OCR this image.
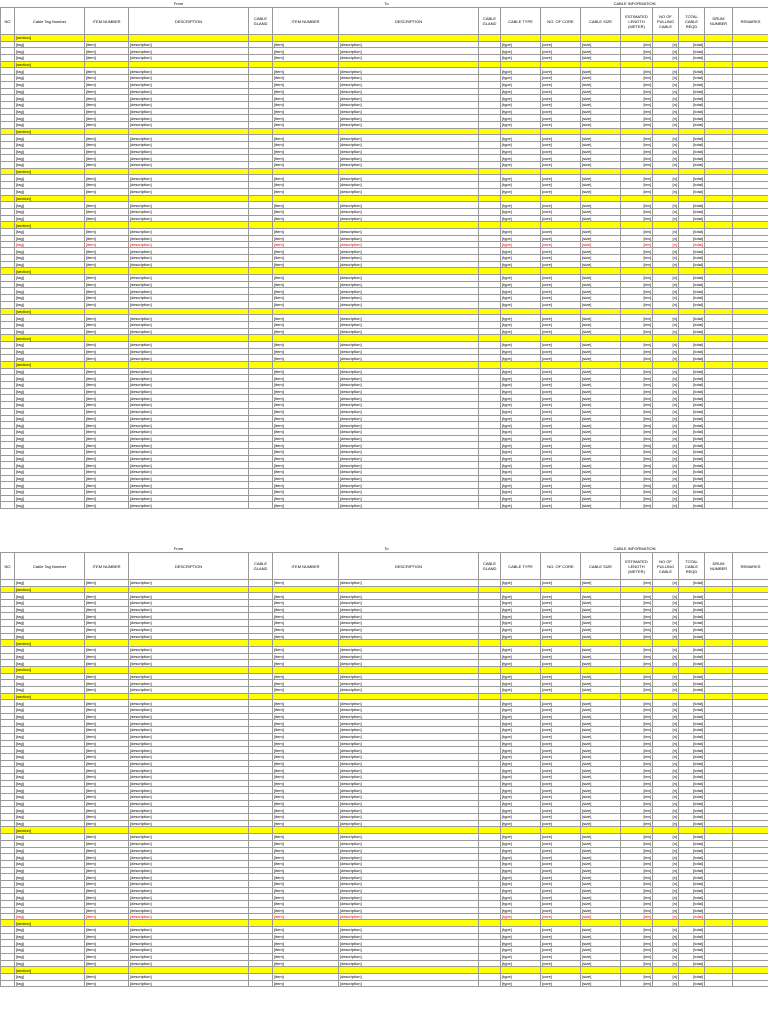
		From			To			CABLE INFORMATION							
NO	Cable Tag Number	ITEM NUMBER	DESCRIPTION	CABLE GLAND	ITEM NUMBER	DESCRIPTION	CABLE GLAND	CABLE TYPE	NO. OF CORE	CABLE SIZE	ESTIMATED LENGTH (METER)	NO OF PULLING CABLE	TOTAL CABLE REQD	DRUM NUMBER	REMARKS
	[section]														
	[tag]	[item]	[description]		[item]	[description]		[type]	[core]	[size]	[len]	[n]	[total]		
	[tag]	[item]	[description]		[item]	[description]		[type]	[core]	[size]	[len]	[n]	[total]		
	[tag]	[item]	[description]		[item]	[description]		[type]	[core]	[size]	[len]	[n]	[total]		
	[section]														
	[tag]	[item]	[description]		[item]	[description]		[type]	[core]	[size]	[len]	[n]	[total]		
	[tag]	[item]	[description]		[item]	[description]		[type]	[core]	[size]	[len]	[n]	[total]		
	[tag]	[item]	[description]		[item]	[description]		[type]	[core]	[size]	[len]	[n]	[total]		
	[tag]	[item]	[description]		[item]	[description]		[type]	[core]	[size]	[len]	[n]	[total]		
	[tag]	[item]	[description]		[item]	[description]		[type]	[core]	[size]	[len]	[n]	[total]		
	[tag]	[item]	[description]		[item]	[description]		[type]	[core]	[size]	[len]	[n]	[total]		
	[tag]	[item]	[description]		[item]	[description]		[type]	[core]	[size]	[len]	[n]	[total]		
	[tag]	[item]	[description]		[item]	[description]		[type]	[core]	[size]	[len]	[n]	[total]		
	[tag]	[item]	[description]		[item]	[description]		[type]	[core]	[size]	[len]	[n]	[total]		
	[section]														
	[tag]	[item]	[description]		[item]	[description]		[type]	[core]	[size]	[len]	[n]	[total]		
	[tag]	[item]	[description]		[item]	[description]		[type]	[core]	[size]	[len]	[n]	[total]		
	[tag]	[item]	[description]		[item]	[description]		[type]	[core]	[size]	[len]	[n]	[total]		
	[tag]	[item]	[description]		[item]	[description]		[type]	[core]	[size]	[len]	[n]	[total]		
	[tag]	[item]	[description]		[item]	[description]		[type]	[core]	[size]	[len]	[n]	[total]		
	[section]														
	[tag]	[item]	[description]		[item]	[description]		[type]	[core]	[size]	[len]	[n]	[total]		
	[tag]	[item]	[description]		[item]	[description]		[type]	[core]	[size]	[len]	[n]	[total]		
	[tag]	[item]	[description]		[item]	[description]		[type]	[core]	[size]	[len]	[n]	[total]		
	[section]														
	[tag]	[item]	[description]		[item]	[description]		[type]	[core]	[size]	[len]	[n]	[total]		
	[tag]	[item]	[description]		[item]	[description]		[type]	[core]	[size]	[len]	[n]	[total]		
	[tag]	[item]	[description]		[item]	[description]		[type]	[core]	[size]	[len]	[n]	[total]		
	[section]														
	[tag]	[item]	[description]		[item]	[description]		[type]	[core]	[size]	[len]	[n]	[total]		
	[tag]	[item]	[description]		[item]	[description]		[type]	[core]	[size]	[len]	[n]	[total]		
	[tag]	[item]	[description]		[item]	[description]		[type]	[core]	[size]	[len]	[n]	[total]		
	[tag]	[item]	[description]		[item]	[description]		[type]	[core]	[size]	[len]	[n]	[total]		
	[tag]	[item]	[description]		[item]	[description]		[type]	[core]	[size]	[len]	[n]	[total]		
	[tag]	[item]	[description]		[item]	[description]		[type]	[core]	[size]	[len]	[n]	[total]		
	[section]														
	[tag]	[item]	[description]		[item]	[description]		[type]	[core]	[size]	[len]	[n]	[total]		
	[tag]	[item]	[description]		[item]	[description]		[type]	[core]	[size]	[len]	[n]	[total]		
	[tag]	[item]	[description]		[item]	[description]		[type]	[core]	[size]	[len]	[n]	[total]		
	[tag]	[item]	[description]		[item]	[description]		[type]	[core]	[size]	[len]	[n]	[total]		
	[tag]	[item]	[description]		[item]	[description]		[type]	[core]	[size]	[len]	[n]	[total]		
	[section]														
	[tag]	[item]	[description]		[item]	[description]		[type]	[core]	[size]	[len]	[n]	[total]		
	[tag]	[item]	[description]		[item]	[description]		[type]	[core]	[size]	[len]	[n]	[total]		
	[tag]	[item]	[description]		[item]	[description]		[type]	[core]	[size]	[len]	[n]	[total]		
	[section]														
	[tag]	[item]	[description]		[item]	[description]		[type]	[core]	[size]	[len]	[n]	[total]		
	[tag]	[item]	[description]		[item]	[description]		[type]	[core]	[size]	[len]	[n]	[total]		
	[tag]	[item]	[description]		[item]	[description]		[type]	[core]	[size]	[len]	[n]	[total]		
	[section]														
	[tag]	[item]	[description]		[item]	[description]		[type]	[core]	[size]	[len]	[n]	[total]		
	[tag]	[item]	[description]		[item]	[description]		[type]	[core]	[size]	[len]	[n]	[total]		
	[tag]	[item]	[description]		[item]	[description]		[type]	[core]	[size]	[len]	[n]	[total]		
	[tag]	[item]	[description]		[item]	[description]		[type]	[core]	[size]	[len]	[n]	[total]		
	[tag]	[item]	[description]		[item]	[description]		[type]	[core]	[size]	[len]	[n]	[total]		
	[tag]	[item]	[description]		[item]	[description]		[type]	[core]	[size]	[len]	[n]	[total]		
	[tag]	[item]	[description]		[item]	[description]		[type]	[core]	[size]	[len]	[n]	[total]		
	[tag]	[item]	[description]		[item]	[description]		[type]	[core]	[size]	[len]	[n]	[total]		
	[tag]	[item]	[description]		[item]	[description]		[type]	[core]	[size]	[len]	[n]	[total]		
	[tag]	[item]	[description]		[item]	[description]		[type]	[core]	[size]	[len]	[n]	[total]		
	[tag]	[item]	[description]		[item]	[description]		[type]	[core]	[size]	[len]	[n]	[total]		
	[tag]	[item]	[description]		[item]	[description]		[type]	[core]	[size]	[len]	[n]	[total]		
	[tag]	[item]	[description]		[item]	[description]		[type]	[core]	[size]	[len]	[n]	[total]		
	[tag]	[item]	[description]		[item]	[description]		[type]	[core]	[size]	[len]	[n]	[total]		
	[tag]	[item]	[description]		[item]	[description]		[type]	[core]	[size]	[len]	[n]	[total]		
	[tag]	[item]	[description]		[item]	[description]		[type]	[core]	[size]	[len]	[n]	[total]		
	[tag]	[item]	[description]		[item]	[description]		[type]	[core]	[size]	[len]	[n]	[total]		
	[tag]	[item]	[description]		[item]	[description]		[type]	[core]	[size]	[len]	[n]	[total]		
	[tag]	[item]	[description]		[item]	[description]		[type]	[core]	[size]	[len]	[n]	[total]		
	[tag]	[item]	[description]		[item]	[description]		[type]	[core]	[size]	[len]	[n]	[total]		
	[tag]	[item]	[description]		[item]	[description]		[type]	[core]	[size]	[len]	[n]	[total]		
		From			To			CABLE INFORMATION							
NO	Cable Tag Number	ITEM NUMBER	DESCRIPTION	CABLE GLAND	ITEM NUMBER	DESCRIPTION	CABLE GLAND	CABLE TYPE	NO. OF CORE	CABLE SIZE	ESTIMATED LENGTH (METER)	NO OF PULLING CABLE	TOTAL CABLE REQD	DRUM NUMBER	REMARKS
	[tag]	[item]	[description]		[item]	[description]		[type]	[core]	[size]	[len]	[n]	[total]		
	[section]														
	[tag]	[item]	[description]		[item]	[description]		[type]	[core]	[size]	[len]	[n]	[total]		
	[tag]	[item]	[description]		[item]	[description]		[type]	[core]	[size]	[len]	[n]	[total]		
	[tag]	[item]	[description]		[item]	[description]		[type]	[core]	[size]	[len]	[n]	[total]		
	[tag]	[item]	[description]		[item]	[description]		[type]	[core]	[size]	[len]	[n]	[total]		
	[tag]	[item]	[description]		[item]	[description]		[type]	[core]	[size]	[len]	[n]	[total]		
	[tag]	[item]	[description]		[item]	[description]		[type]	[core]	[size]	[len]	[n]	[total]		
	[tag]	[item]	[description]		[item]	[description]		[type]	[core]	[size]	[len]	[n]	[total]		
	[section]														
	[tag]	[item]	[description]		[item]	[description]		[type]	[core]	[size]	[len]	[n]	[total]		
	[tag]	[item]	[description]		[item]	[description]		[type]	[core]	[size]	[len]	[n]	[total]		
	[tag]	[item]	[description]		[item]	[description]		[type]	[core]	[size]	[len]	[n]	[total]		
	[section]														
	[tag]	[item]	[description]		[item]	[description]		[type]	[core]	[size]	[len]	[n]	[total]		
	[tag]	[item]	[description]		[item]	[description]		[type]	[core]	[size]	[len]	[n]	[total]		
	[tag]	[item]	[description]		[item]	[description]		[type]	[core]	[size]	[len]	[n]	[total]		
	[section]														
	[tag]	[item]	[description]		[item]	[description]		[type]	[core]	[size]	[len]	[n]	[total]		
	[tag]	[item]	[description]		[item]	[description]		[type]	[core]	[size]	[len]	[n]	[total]		
	[tag]	[item]	[description]		[item]	[description]		[type]	[core]	[size]	[len]	[n]	[total]		
	[tag]	[item]	[description]		[item]	[description]		[type]	[core]	[size]	[len]	[n]	[total]		
	[tag]	[item]	[description]		[item]	[description]		[type]	[core]	[size]	[len]	[n]	[total]		
	[tag]	[item]	[description]		[item]	[description]		[type]	[core]	[size]	[len]	[n]	[total]		
	[tag]	[item]	[description]		[item]	[description]		[type]	[core]	[size]	[len]	[n]	[total]		
	[tag]	[item]	[description]		[item]	[description]		[type]	[core]	[size]	[len]	[n]	[total]		
	[tag]	[item]	[description]		[item]	[description]		[type]	[core]	[size]	[len]	[n]	[total]		
	[tag]	[item]	[description]		[item]	[description]		[type]	[core]	[size]	[len]	[n]	[total]		
	[tag]	[item]	[description]		[item]	[description]		[type]	[core]	[size]	[len]	[n]	[total]		
	[tag]	[item]	[description]		[item]	[description]		[type]	[core]	[size]	[len]	[n]	[total]		
	[tag]	[item]	[description]		[item]	[description]		[type]	[core]	[size]	[len]	[n]	[total]		
	[tag]	[item]	[description]		[item]	[description]		[type]	[core]	[size]	[len]	[n]	[total]		
	[tag]	[item]	[description]		[item]	[description]		[type]	[core]	[size]	[len]	[n]	[total]		
	[tag]	[item]	[description]		[item]	[description]		[type]	[core]	[size]	[len]	[n]	[total]		
	[tag]	[item]	[description]		[item]	[description]		[type]	[core]	[size]	[len]	[n]	[total]		
	[tag]	[item]	[description]		[item]	[description]		[type]	[core]	[size]	[len]	[n]	[total]		
	[tag]	[item]	[description]		[item]	[description]		[type]	[core]	[size]	[len]	[n]	[total]		
	[section]														
	[tag]	[item]	[description]		[item]	[description]		[type]	[core]	[size]	[len]	[n]	[total]		
	[tag]	[item]	[description]		[item]	[description]		[type]	[core]	[size]	[len]	[n]	[total]		
	[tag]	[item]	[description]		[item]	[description]		[type]	[core]	[size]	[len]	[n]	[total]		
	[tag]	[item]	[description]		[item]	[description]		[type]	[core]	[size]	[len]	[n]	[total]		
	[tag]	[item]	[description]		[item]	[description]		[type]	[core]	[size]	[len]	[n]	[total]		
	[tag]	[item]	[description]		[item]	[description]		[type]	[core]	[size]	[len]	[n]	[total]		
	[tag]	[item]	[description]		[item]	[description]		[type]	[core]	[size]	[len]	[n]	[total]		
	[tag]	[item]	[description]		[item]	[description]		[type]	[core]	[size]	[len]	[n]	[total]		
	[tag]	[item]	[description]		[item]	[description]		[type]	[core]	[size]	[len]	[n]	[total]		
	[tag]	[item]	[description]		[item]	[description]		[type]	[core]	[size]	[len]	[n]	[total]		
	[tag]	[item]	[description]		[item]	[description]		[type]	[core]	[size]	[len]	[n]	[total]		
	[tag]	[item]	[description]		[item]	[description]		[type]	[core]	[size]	[len]	[n]	[total]		
	[tag]	[item]	[description]		[item]	[description]		[type]	[core]	[size]	[len]	[n]	[total]		
	[section]														
	[tag]	[item]	[description]		[item]	[description]		[type]	[core]	[size]	[len]	[n]	[total]		
	[tag]	[item]	[description]		[item]	[description]		[type]	[core]	[size]	[len]	[n]	[total]		
	[tag]	[item]	[description]		[item]	[description]		[type]	[core]	[size]	[len]	[n]	[total]		
	[tag]	[item]	[description]		[item]	[description]		[type]	[core]	[size]	[len]	[n]	[total]		
	[tag]	[item]	[description]		[item]	[description]		[type]	[core]	[size]	[len]	[n]	[total]		
	[tag]	[item]	[description]		[item]	[description]		[type]	[core]	[size]	[len]	[n]	[total]		
	[section]														
	[tag]	[item]	[description]		[item]	[description]		[type]	[core]	[size]	[len]	[n]	[total]		
	[tag]	[item]	[description]		[item]	[description]		[type]	[core]	[size]	[len]	[n]	[total]		
